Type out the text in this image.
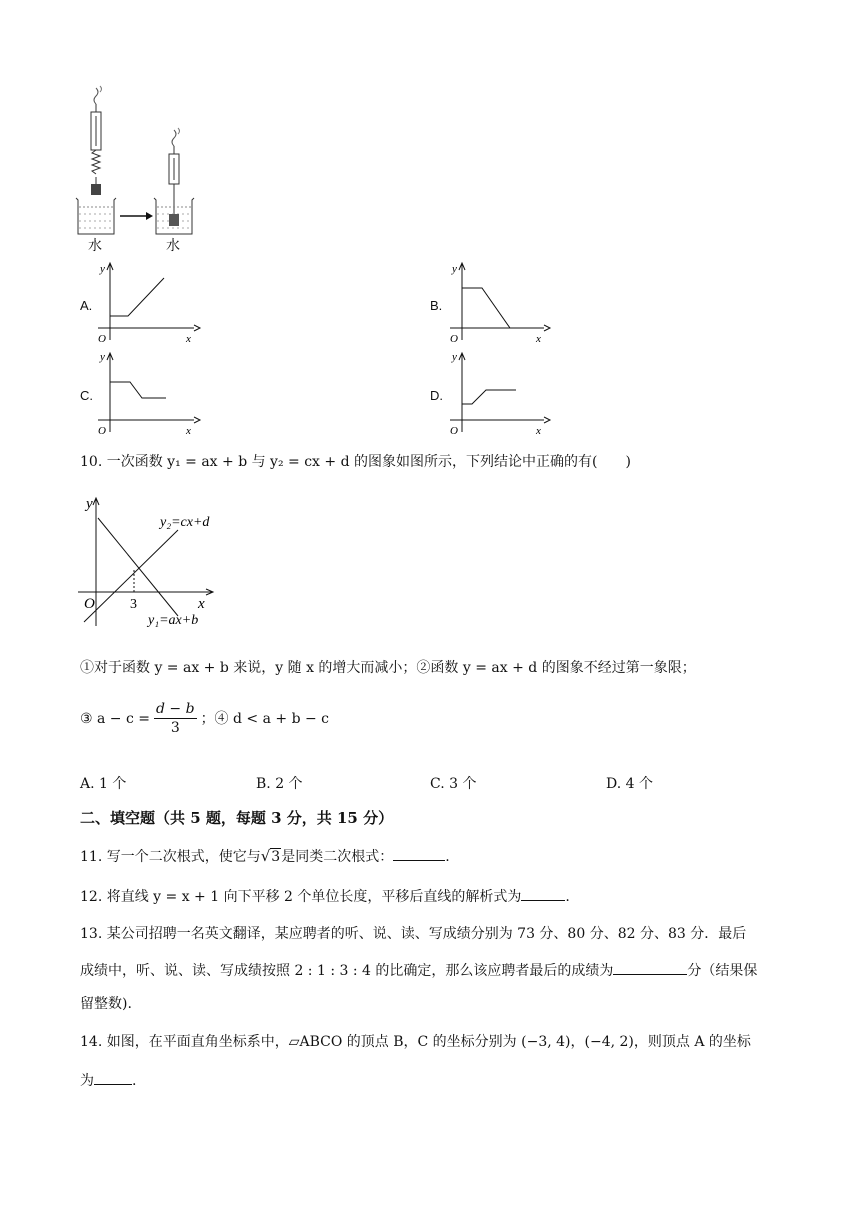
水	水
A.
y
x
O
B.
y
x
O
C.
y
x
O
D.
y
x
O
10. 一次函数 y₁ = ax + b 与 y₂ = cx + d 的图象如图所示，下列结论中正确的有(　　)
y
x
O	3
y₂=cx+d
y₁=ax+b
①对于函数 y = ax + b 来说，y 随 x 的增大而减小；②函数 y = ax + d 的图象不经过第一象限；
③ $a - c = \frac{d - b}{3}$ ；④ d < a + b − c
A. 1 个	B. 2 个	C. 3 个	D. 4 个
二、填空题（共 5 题，每题 3 分，共 15 分）
11. 写一个二次根式，使它与√3是同类二次根式：	.
12. 将直线 y = x + 1 向下平移 2 个单位长度，平移后直线的解析式为	.
13. 某公司招聘一名英文翻译，某应聘者的听、说、读、写成绩分别为 73 分、80 分、82 分、83 分．最后
成绩中，听、说、读、写成绩按照 2 : 1 : 3 : 4 的比确定，那么该应聘者最后的成绩为	分（结果保
留整数).
14. 如图，在平面直角坐标系中，▱ABCO 的顶点 B，C 的坐标分别为 (−3, 4)，(−4, 2)，则顶点 A 的坐标
为	.
